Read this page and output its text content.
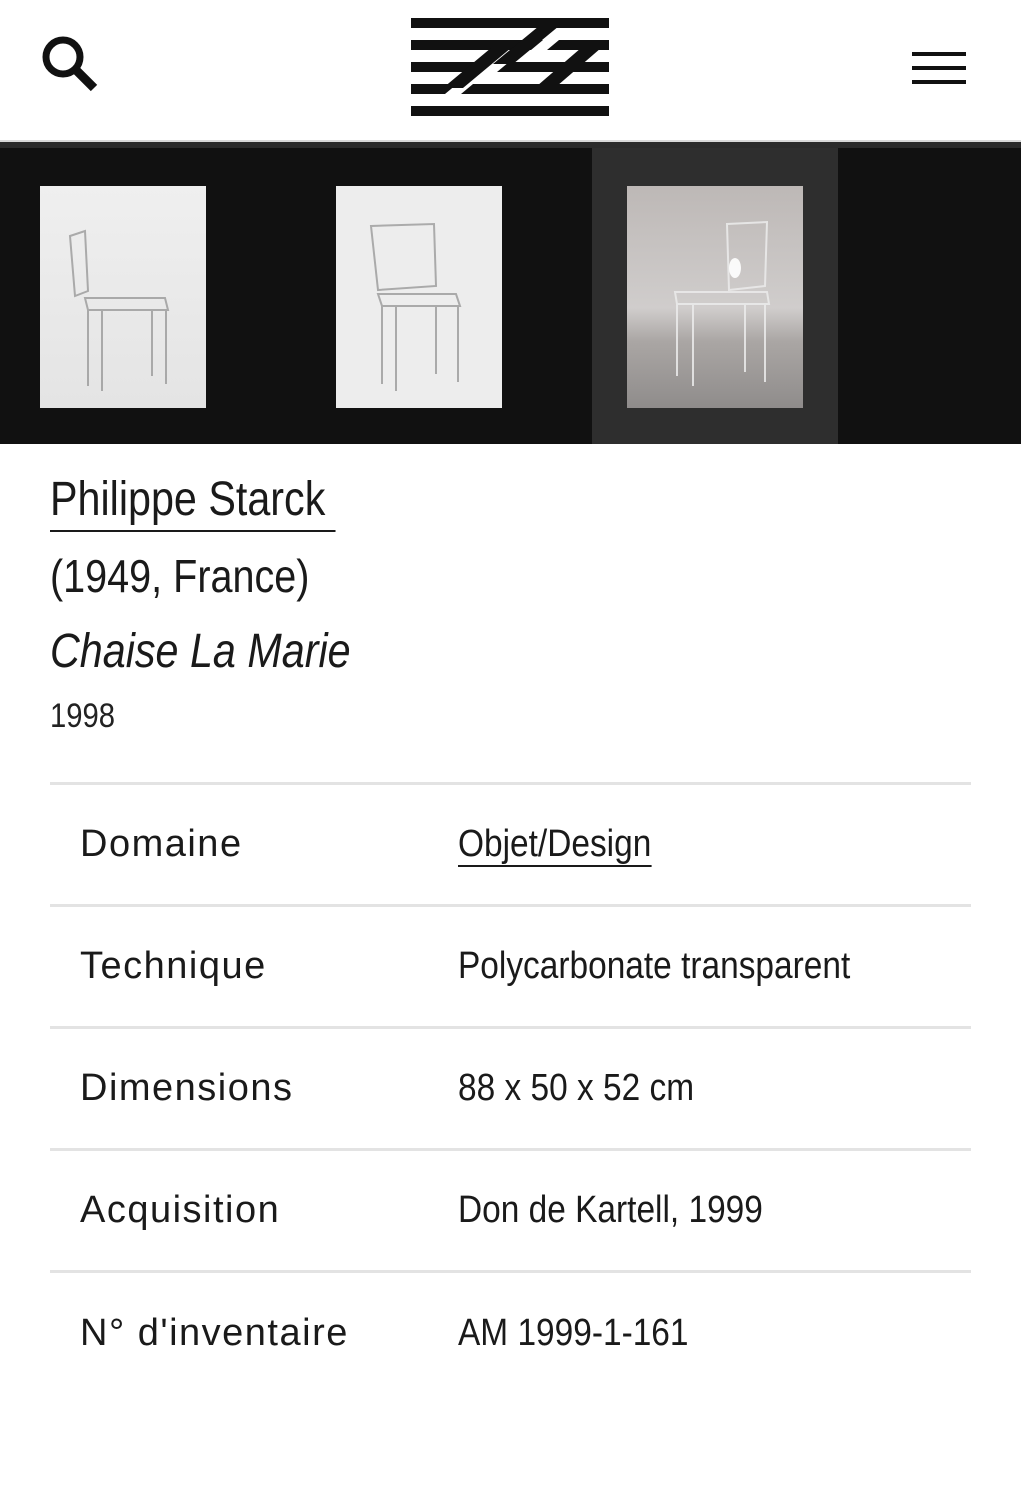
Philippe Starck
(1949, France)
Chaise La Marie
1998
Domaine	Objet/Design
Technique	Polycarbonate transparent
Dimensions	88 x 50 x 52 cm
Acquisition	Don de Kartell, 1999
N° d'inventaire	AM 1999-1-161
